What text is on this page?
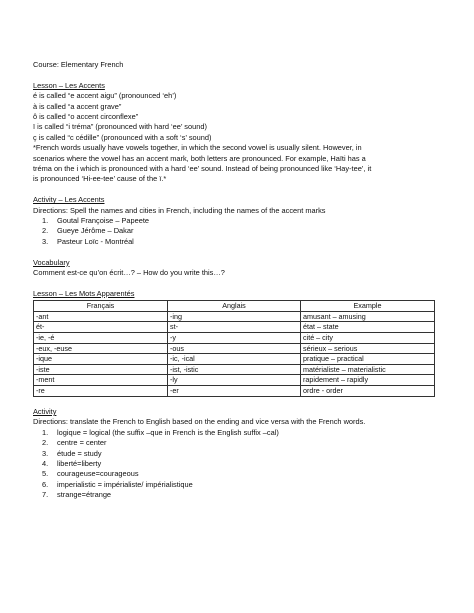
Course: Elementary French
Lesson – Les Accents
é is called “e accent aigu” (pronounced ‘eh’)
à is called “a accent grave”
ô is called “o accent circonflexe”
ï is called “i tréma” (pronounced with hard ‘ee’ sound)
ç is called “c cédille” (pronounced with a soft ‘s’ sound)
*French words usually have vowels together, in which the second vowel is usually silent. However, in
scenarios where the vowel has an accent mark, both letters are pronounced. For example, Haïti has a
tréma on the i which is pronounced with a hard ‘ee’ sound. Instead of being pronounced like ‘Hay-tee’, it
is pronounced ‘Hi-ee-tee’ cause of the ï.*
Activity – Les Accents
Directions: Spell the names and cities in French, including the names of the accent marks
1. Goutal Françoise – Papeete
2. Gueye Jérôme – Dakar
3. Pasteur Loïc - Montréal
Vocabulary
Comment est-ce qu’on écrit…? – How do you write this…?
Lesson – Les Mots Apparentés
Français	Anglais	Example
-ant	-ing	amusant – amusing
ét-	st-	état – state
-ie, -é	-y	cité – city
-eux, -euse	-ous	sérieux – serious
-ique	-ic, -ical	pratique – practical
-iste	-ist, -istic	matérialiste – materialistic
-ment	-ly	rapidement – rapidly
-re	-er	ordre - order
Activity
Directions: translate the French to English based on the ending and vice versa with the French words.
1. logique = logical (the suffix –que in French is the English suffix –cal)
2. centre = center
3. étude = study
4. liberté=liberty
5. courageuse=courageous
6. imperialistic = impérialiste/ impérialistique
7. strange=étrange
